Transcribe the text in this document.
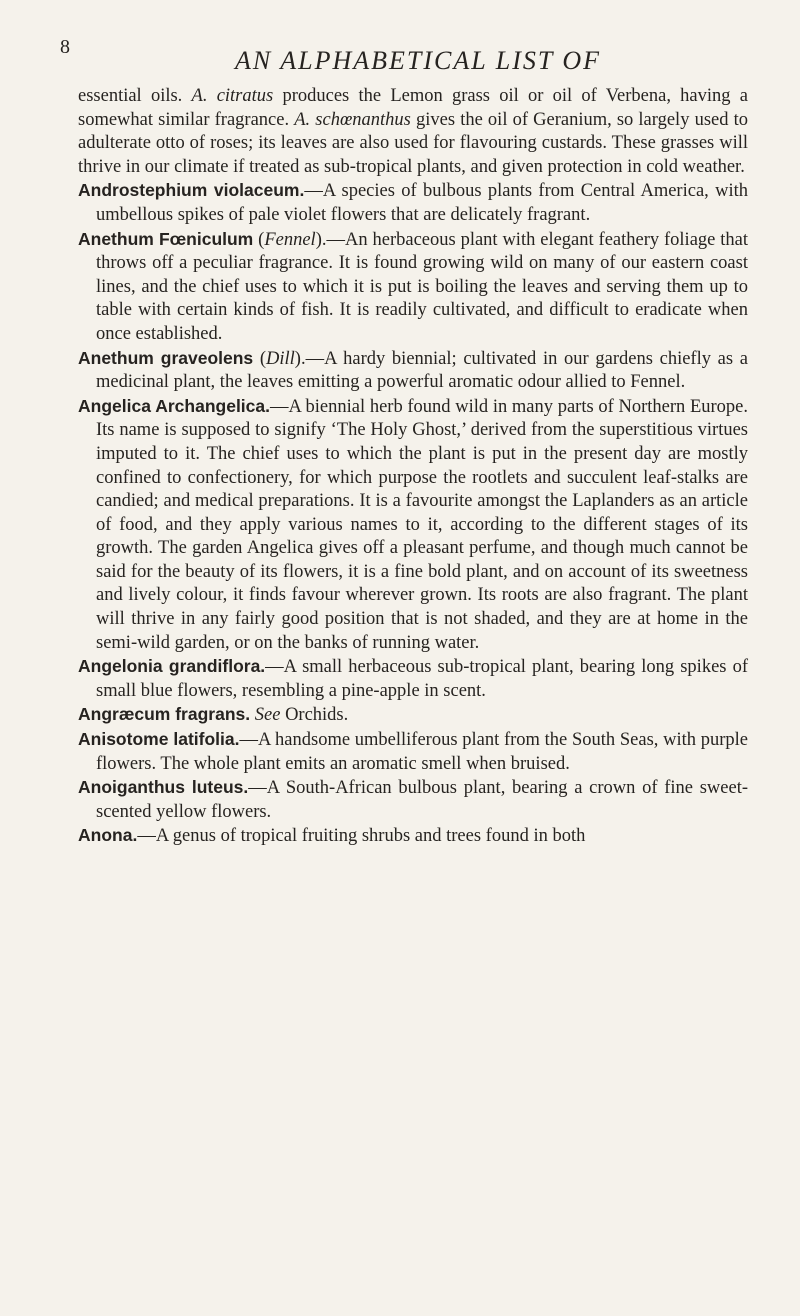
8	AN ALPHABETICAL LIST OF

essential oils. A. citratus produces the Lemon grass oil or oil of Verbena, having a somewhat similar fragrance. A. schœnanthus gives the oil of Geranium, so largely used to adulterate otto of roses; its leaves are also used for flavouring custards. These grasses will thrive in our climate if treated as sub-tropical plants, and given protection in cold weather.

Androstephium violaceum.—A species of bulbous plants from Central America, with umbellous spikes of pale violet flowers that are delicately fragrant.

Anethum Fœniculum (Fennel).—An herbaceous plant with elegant feathery foliage that throws off a peculiar fragrance. It is found growing wild on many of our eastern coast lines, and the chief uses to which it is put is boiling the leaves and serving them up to table with certain kinds of fish. It is readily cultivated, and difficult to eradicate when once established.

Anethum graveolens (Dill).—A hardy biennial; cultivated in our gardens chiefly as a medicinal plant, the leaves emitting a powerful aromatic odour allied to Fennel.

Angelica Archangelica.—A biennial herb found wild in many parts of Northern Europe. Its name is supposed to signify ‘The Holy Ghost,’ derived from the superstitious virtues imputed to it. The chief uses to which the plant is put in the present day are mostly confined to confectionery, for which purpose the rootlets and succulent leaf-stalks are candied; and medical preparations. It is a favourite amongst the Laplanders as an article of food, and they apply various names to it, according to the different stages of its growth. The garden Angelica gives off a pleasant perfume, and though much cannot be said for the beauty of its flowers, it is a fine bold plant, and on account of its sweetness and lively colour, it finds favour wherever grown. Its roots are also fragrant. The plant will thrive in any fairly good position that is not shaded, and they are at home in the semi-wild garden, or on the banks of running water.

Angelonia grandiflora.—A small herbaceous sub-tropical plant, bearing long spikes of small blue flowers, resembling a pine-apple in scent.

Angræcum fragrans. See Orchids.

Anisotome latifolia.—A handsome umbelliferous plant from the South Seas, with purple flowers. The whole plant emits an aromatic smell when bruised.

Anoiganthus luteus.—A South-African bulbous plant, bearing a crown of fine sweet-scented yellow flowers.

Anona.—A genus of tropical fruiting shrubs and trees found in both
